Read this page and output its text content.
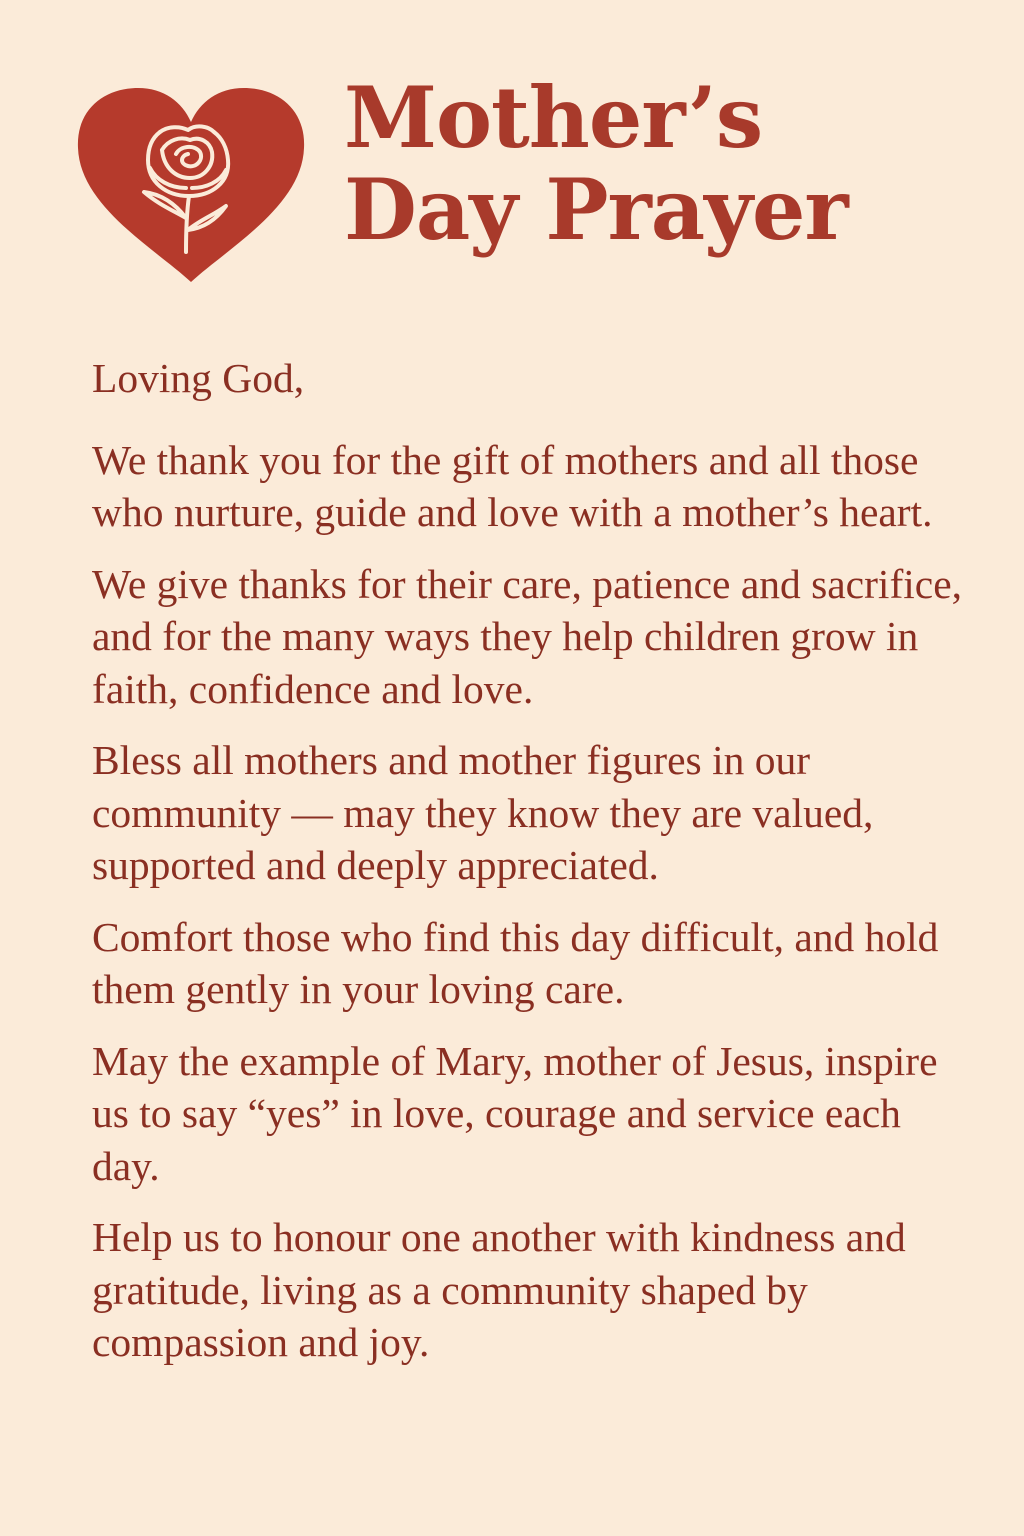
Mother’s
Day Prayer

Loving God,

We thank you for the gift of mothers and all those who nurture, guide and love with a mother’s heart.

We give thanks for their care, patience and sacrifice, and for the many ways they help children grow in faith, confidence and love.

Bless all mothers and mother figures in our community — may they know they are valued, supported and deeply appreciated.

Comfort those who find this day difficult, and hold them gently in your loving care.

May the example of Mary, mother of Jesus, inspire us to say “yes” in love, courage and service each day.

Help us to honour one another with kindness and gratitude, living as a community shaped by compassion and joy.
